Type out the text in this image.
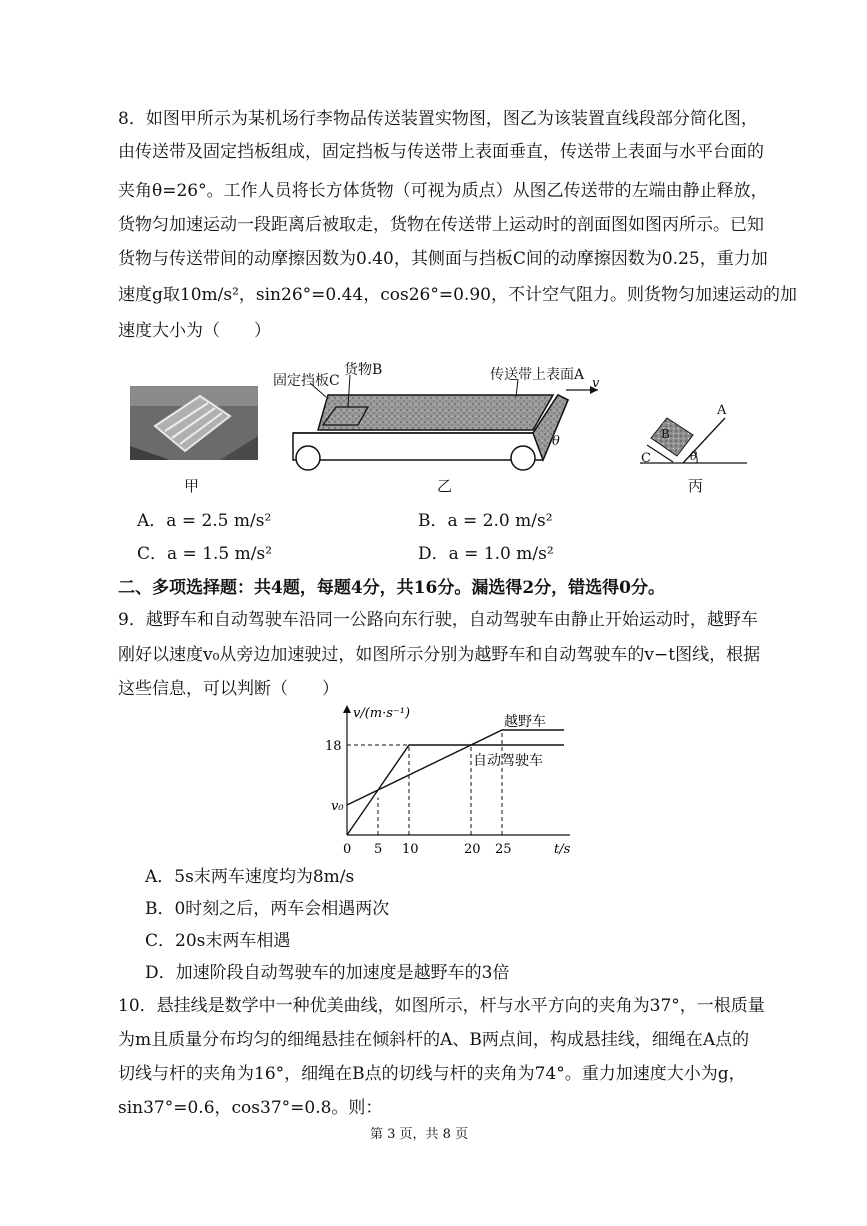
8．如图甲所示为某机场行李物品传送装置实物图，图乙为该装置直线段部分简化图，
由传送带及固定挡板组成，固定挡板与传送带上表面垂直，传送带上表面与水平台面的
夹角θ=26°。工作人员将长方体货物（可视为质点）从图乙传送带的左端由静止释放，
货物匀加速运动一段距离后被取走，货物在传送带上运动时的剖面图如图丙所示。已知
货物与传送带间的动摩擦因数为0.40，其侧面与挡板C间的动摩擦因数为0.25，重力加
速度g取10m/s²，sin26°=0.44，cos26°=0.90，不计空气阻力。则货物匀加速运动的加
速度大小为（　　）
甲
固定挡板C
货物B	传送带上表面A
v
θ
乙
A
B
C	θ
丙
A．a = 2.5 m/s²	B．a = 2.0 m/s²
C．a = 1.5 m/s²	D．a = 1.0 m/s²
二、多项选择题：共4题，每题4分，共16分。漏选得2分，错选得0分。
9．越野车和自动驾驶车沿同一公路向东行驶，自动驾驶车由静止开始运动时，越野车
刚好以速度v₀从旁边加速驶过，如图所示分别为越野车和自动驾驶车的v−t图线，根据
这些信息，可以判断（　　）
v/(m·s⁻¹)
t/s
越野车
自动驾驶车
0 5 10	20 25
18
v₀
A．5s末两车速度均为8m/s
B．0时刻之后，两车会相遇两次
C．20s末两车相遇
D．加速阶段自动驾驶车的加速度是越野车的3倍
10．悬挂线是数学中一种优美曲线，如图所示，杆与水平方向的夹角为37°，一根质量
为m且质量分布均匀的细绳悬挂在倾斜杆的A、B两点间，构成悬挂线，细绳在A点的
切线与杆的夹角为16°，细绳在B点的切线与杆的夹角为74°。重力加速度大小为g，
sin37°=0.6，cos37°=0.8。则：
第 3 页，共 8 页
